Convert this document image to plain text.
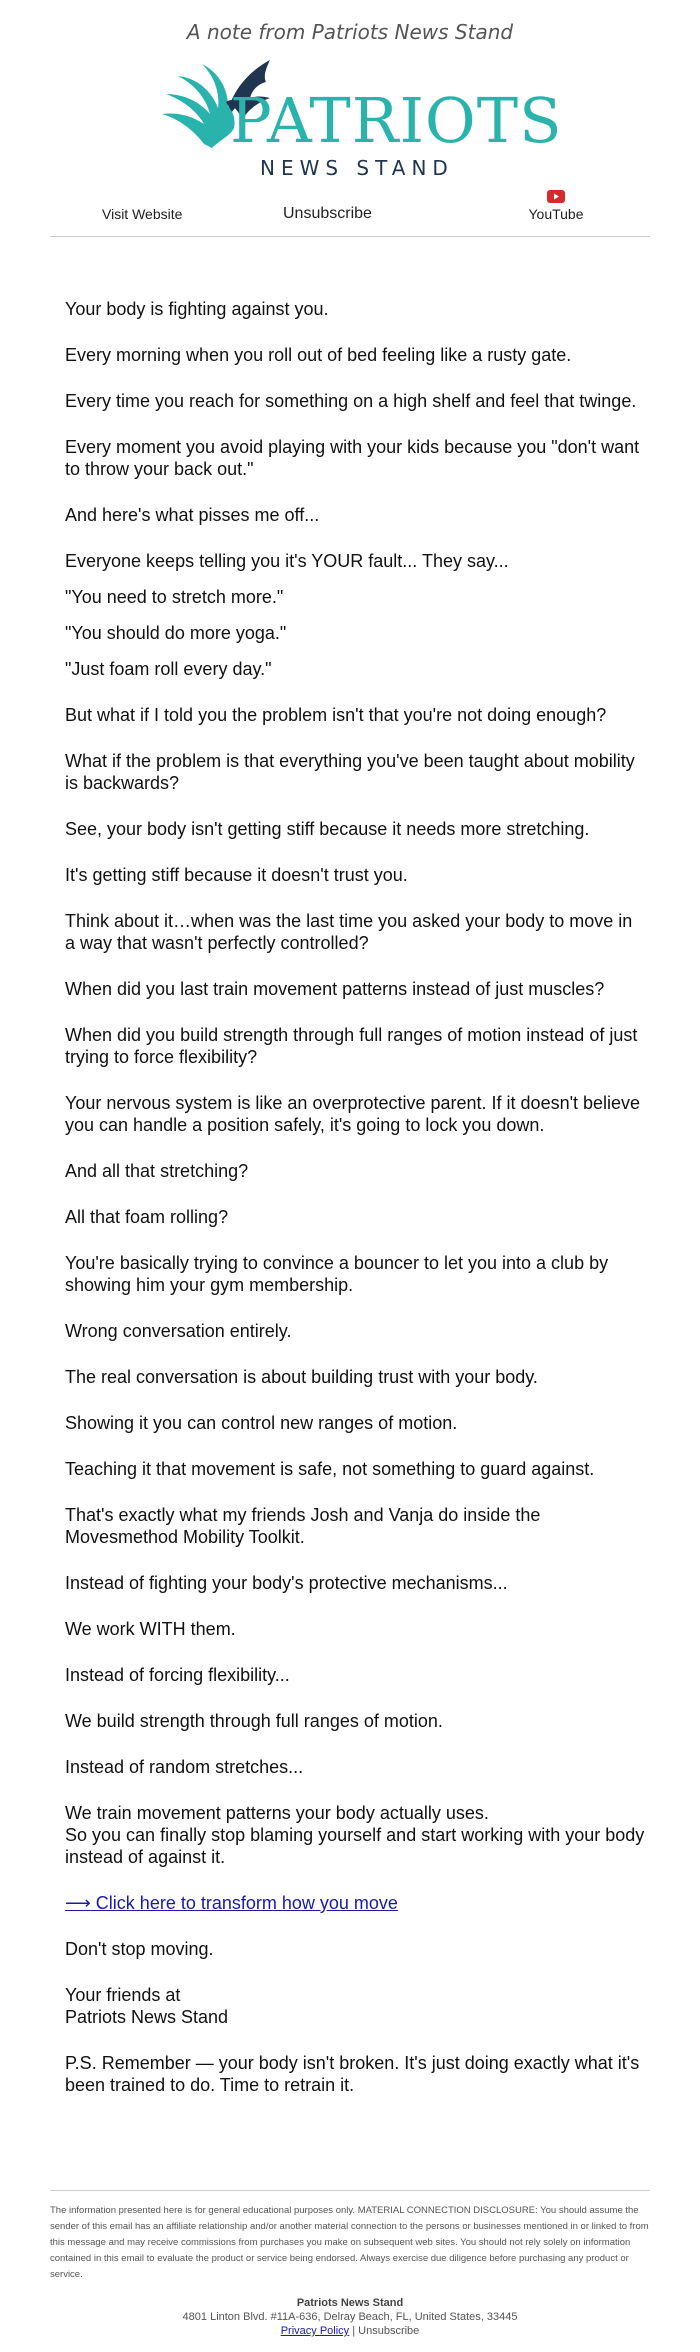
A note from Patriots News Stand
PATRIOTS
NEWS STAND
Visit Website	Unsubscribe	YouTube

Your body is fighting against you.

Every morning when you roll out of bed feeling like a rusty gate.

Every time you reach for something on a high shelf and feel that twinge.

Every moment you avoid playing with your kids because you "don't want to throw your back out."

And here's what pisses me off...

Everyone keeps telling you it's YOUR fault... They say...

"You need to stretch more."

"You should do more yoga."

"Just foam roll every day."

But what if I told you the problem isn't that you're not doing enough?

What if the problem is that everything you've been taught about mobility is backwards?

See, your body isn't getting stiff because it needs more stretching.

It's getting stiff because it doesn't trust you.

Think about it…when was the last time you asked your body to move in a way that wasn't perfectly controlled?

When did you last train movement patterns instead of just muscles?

When did you build strength through full ranges of motion instead of just trying to force flexibility?

Your nervous system is like an overprotective parent. If it doesn't believe you can handle a position safely, it's going to lock you down.

And all that stretching?

All that foam rolling?

You're basically trying to convince a bouncer to let you into a club by showing him your gym membership.

Wrong conversation entirely.

The real conversation is about building trust with your body.

Showing it you can control new ranges of motion.

Teaching it that movement is safe, not something to guard against.

That's exactly what my friends Josh and Vanja do inside the Movesmethod Mobility Toolkit.

Instead of fighting your body's protective mechanisms...

We work WITH them.

Instead of forcing flexibility...

We build strength through full ranges of motion.

Instead of random stretches...

We train movement patterns your body actually uses.

So you can finally stop blaming yourself and start working with your body instead of against it.

⟶ Click here to transform how you move

Don't stop moving.

Your friends at

Patriots News Stand

P.S. Remember — your body isn't broken. It's just doing exactly what it's been trained to do. Time to retrain it.

The information presented here is for general educational purposes only. MATERIAL CONNECTION DISCLOSURE: You should assume the sender of this email has an affiliate relationship and/or another material connection to the persons or businesses mentioned in or linked to from this message and may receive commissions from purchases you make on subsequent web sites. You should not rely solely on information contained in this email to evaluate the product or service being endorsed. Always exercise due diligence before purchasing any product or service.

Patriots News Stand
4801 Linton Blvd. #11A-636, Delray Beach, FL, United States, 33445
Privacy Policy | Unsubscribe
